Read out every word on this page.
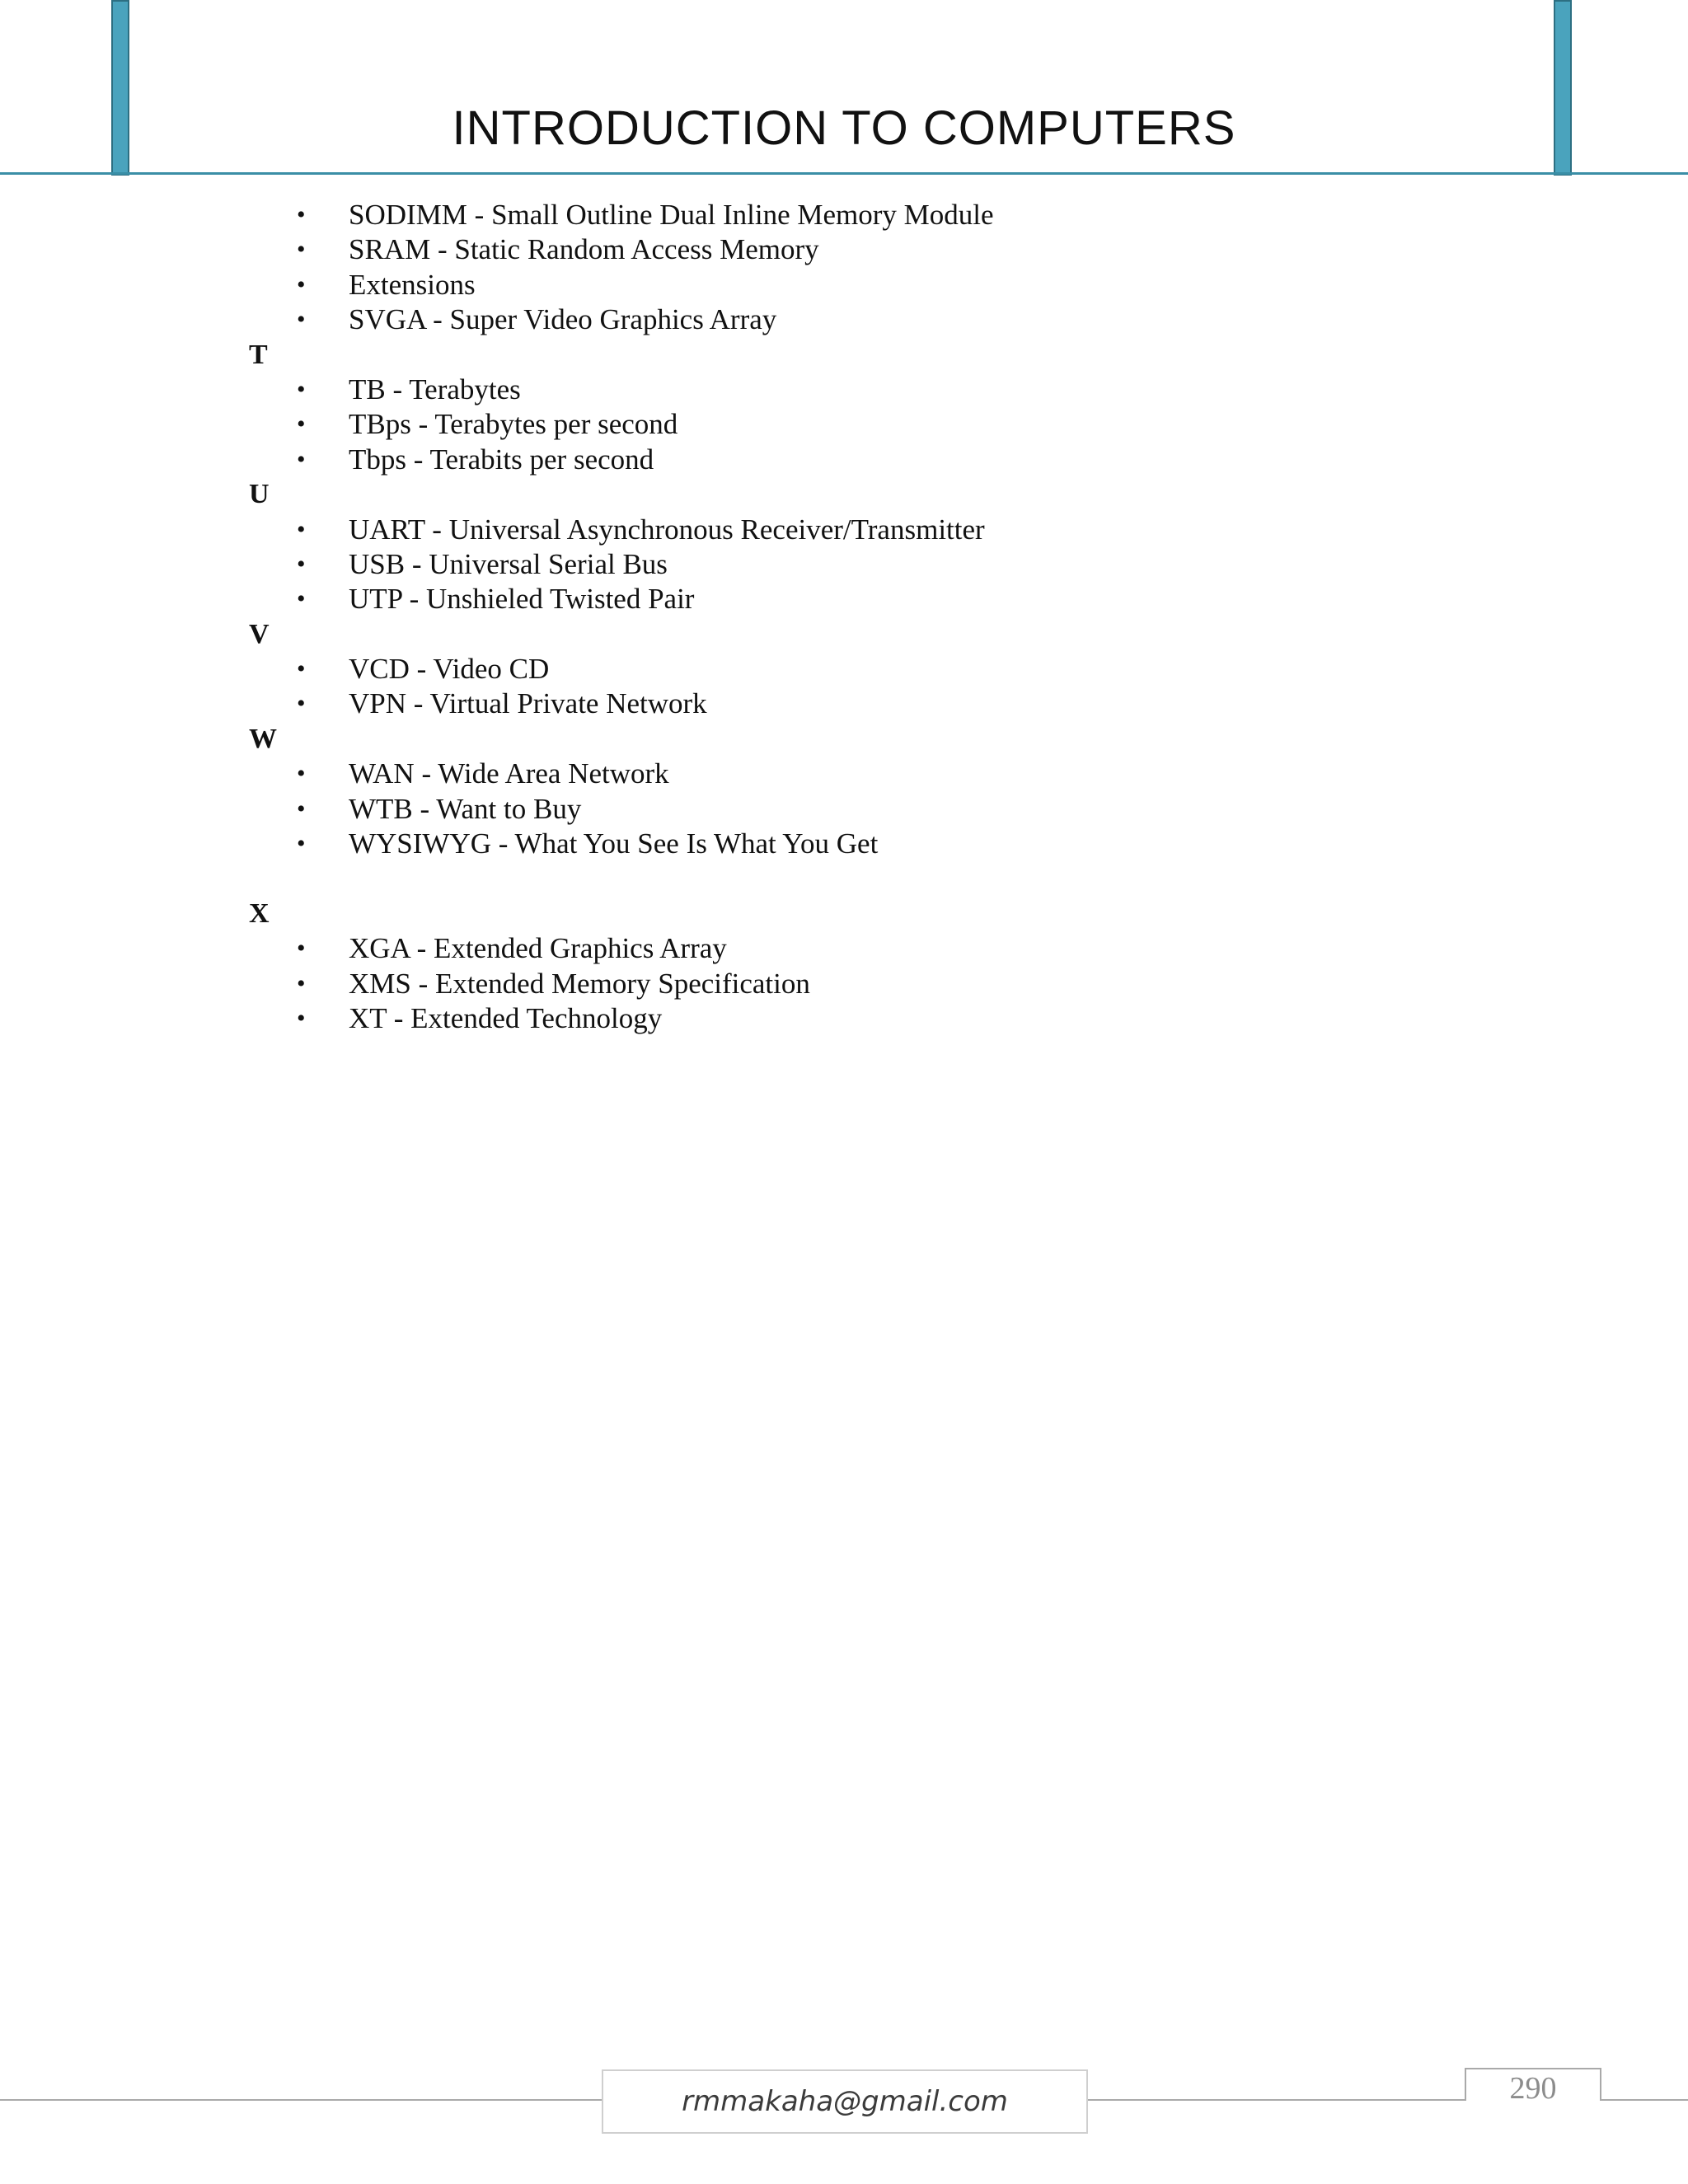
INTRODUCTION TO COMPUTERS
• SODIMM - Small Outline Dual Inline Memory Module
• SRAM - Static Random Access Memory
• Extensions
• SVGA - Super Video Graphics Array
T
• TB - Terabytes
• TBps - Terabytes per second
• Tbps - Terabits per second
U
• UART - Universal Asynchronous Receiver/Transmitter
• USB - Universal Serial Bus
• UTP - Unshieled Twisted Pair
V
• VCD - Video CD
• VPN - Virtual Private Network
W
• WAN - Wide Area Network
• WTB - Want to Buy
• WYSIWYG - What You See Is What You Get
X
• XGA - Extended Graphics Array
• XMS - Extended Memory Specification
• XT - Extended Technology
rmmakaha@gmail.com	290
